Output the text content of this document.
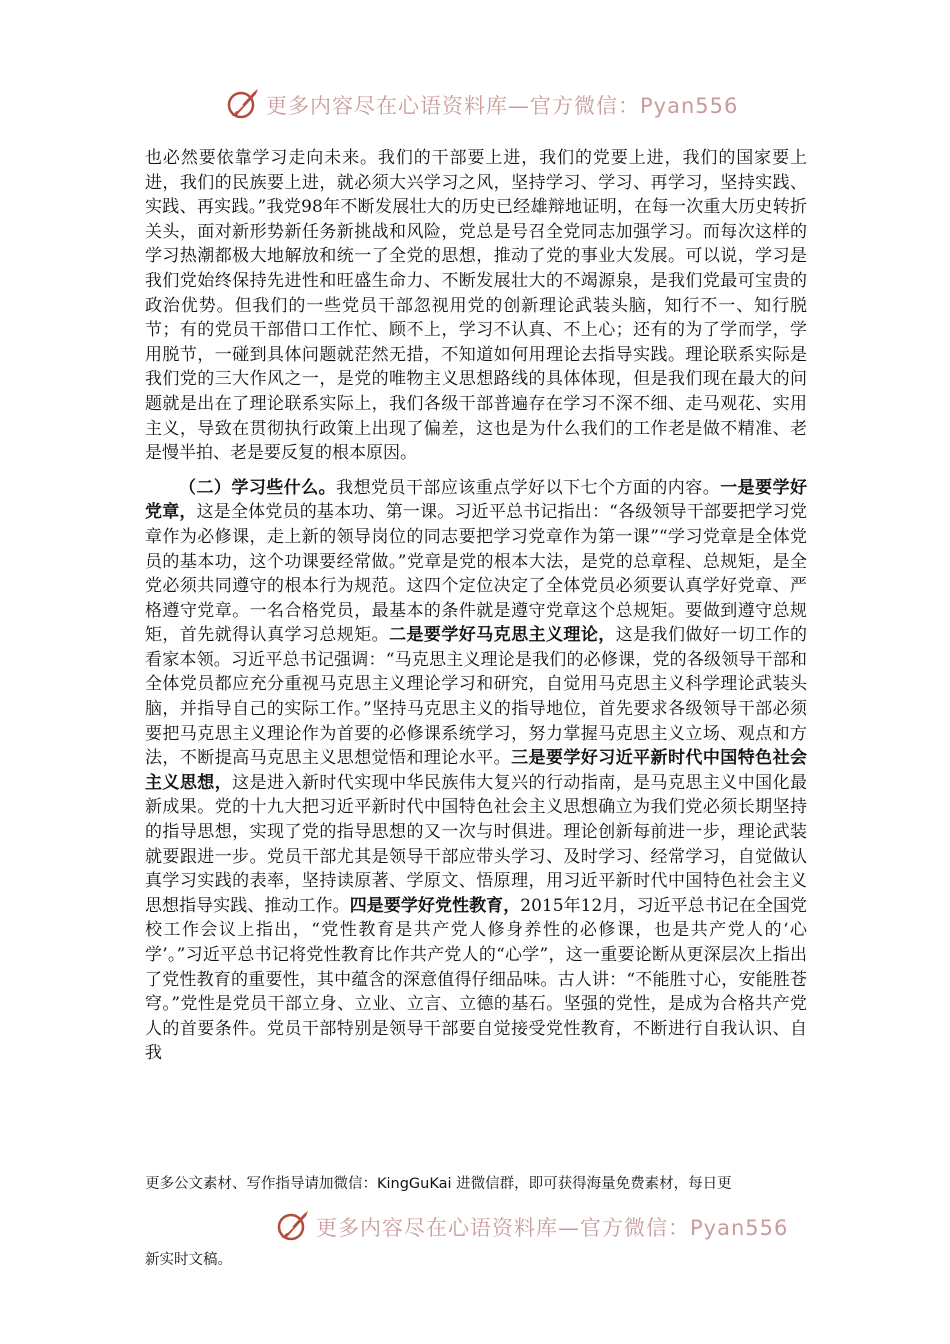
更多内容尽在心语资料库—官方微信：Pyan556

也必然要依靠学习走向未来。我们的干部要上进，我们的党要上进，我们的国家要上进，我们的民族要上进，就必须大兴学习之风，坚持学习、学习、再学习，坚持实践、实践、再实践。”我党98年不断发展壮大的历史已经雄辩地证明，在每一次重大历史转折关头，面对新形势新任务新挑战和风险，党总是号召全党同志加强学习。而每次这样的学习热潮都极大地解放和统一了全党的思想，推动了党的事业大发展。可以说，学习是我们党始终保持先进性和旺盛生命力、不断发展壮大的不竭源泉，是我们党最可宝贵的政治优势。但我们的一些党员干部忽视用党的创新理论武装头脑，知行不一、知行脱节；有的党员干部借口工作忙、顾不上，学习不认真、不上心；还有的为了学而学，学用脱节，一碰到具体问题就茫然无措，不知道如何用理论去指导实践。理论联系实际是我们党的三大作风之一，是党的唯物主义思想路线的具体体现，但是我们现在最大的问题就是出在了理论联系实际上，我们各级干部普遍存在学习不深不细、走马观花、实用主义，导致在贯彻执行政策上出现了偏差，这也是为什么我们的工作老是做不精准、老是慢半拍、老是要反复的根本原因。

（二）学习些什么。我想党员干部应该重点学好以下七个方面的内容。一是要学好党章，这是全体党员的基本功、第一课。习近平总书记指出：“各级领导干部要把学习党章作为必修课，走上新的领导岗位的同志要把学习党章作为第一课”“学习党章是全体党员的基本功，这个功课要经常做。”党章是党的根本大法，是党的总章程、总规矩，是全党必须共同遵守的根本行为规范。这四个定位决定了全体党员必须要认真学好党章、严格遵守党章。一名合格党员，最基本的条件就是遵守党章这个总规矩。要做到遵守总规矩，首先就得认真学习总规矩。二是要学好马克思主义理论，这是我们做好一切工作的看家本领。习近平总书记强调：“马克思主义理论是我们的必修课，党的各级领导干部和全体党员都应充分重视马克思主义理论学习和研究，自觉用马克思主义科学理论武装头脑，并指导自己的实际工作。”坚持马克思主义的指导地位，首先要求各级领导干部必须要把马克思主义理论作为首要的必修课系统学习，努力掌握马克思主义立场、观点和方法，不断提高马克思主义思想觉悟和理论水平。三是要学好习近平新时代中国特色社会主义思想，这是进入新时代实现中华民族伟大复兴的行动指南，是马克思主义中国化最新成果。党的十九大把习近平新时代中国特色社会主义思想确立为我们党必须长期坚持的指导思想，实现了党的指导思想的又一次与时俱进。理论创新每前进一步，理论武装就要跟进一步。党员干部尤其是领导干部应带头学习、及时学习、经常学习，自觉做认真学习实践的表率，坚持读原著、学原文、悟原理，用习近平新时代中国特色社会主义思想指导实践、推动工作。四是要学好党性教育，2015年12月，习近平总书记在全国党校工作会议上指出，“党性教育是共产党人修身养性的必修课，也是共产党人的‘心学’。”习近平总书记将党性教育比作共产党人的“心学”，这一重要论断从更深层次上指出了党性教育的重要性，其中蕴含的深意值得仔细品味。古人讲：“不能胜寸心，安能胜苍穹。”党性是党员干部立身、立业、立言、立德的基石。坚强的党性，是成为合格共产党人的首要条件。党员干部特别是领导干部要自觉接受党性教育，不断进行自我认识、自我

更多公文素材、写作指导请加微信：KingGuKai 进微信群，即可获得海量免费素材，每日更
更多内容尽在心语资料库—官方微信：Pyan556
新实时文稿。
